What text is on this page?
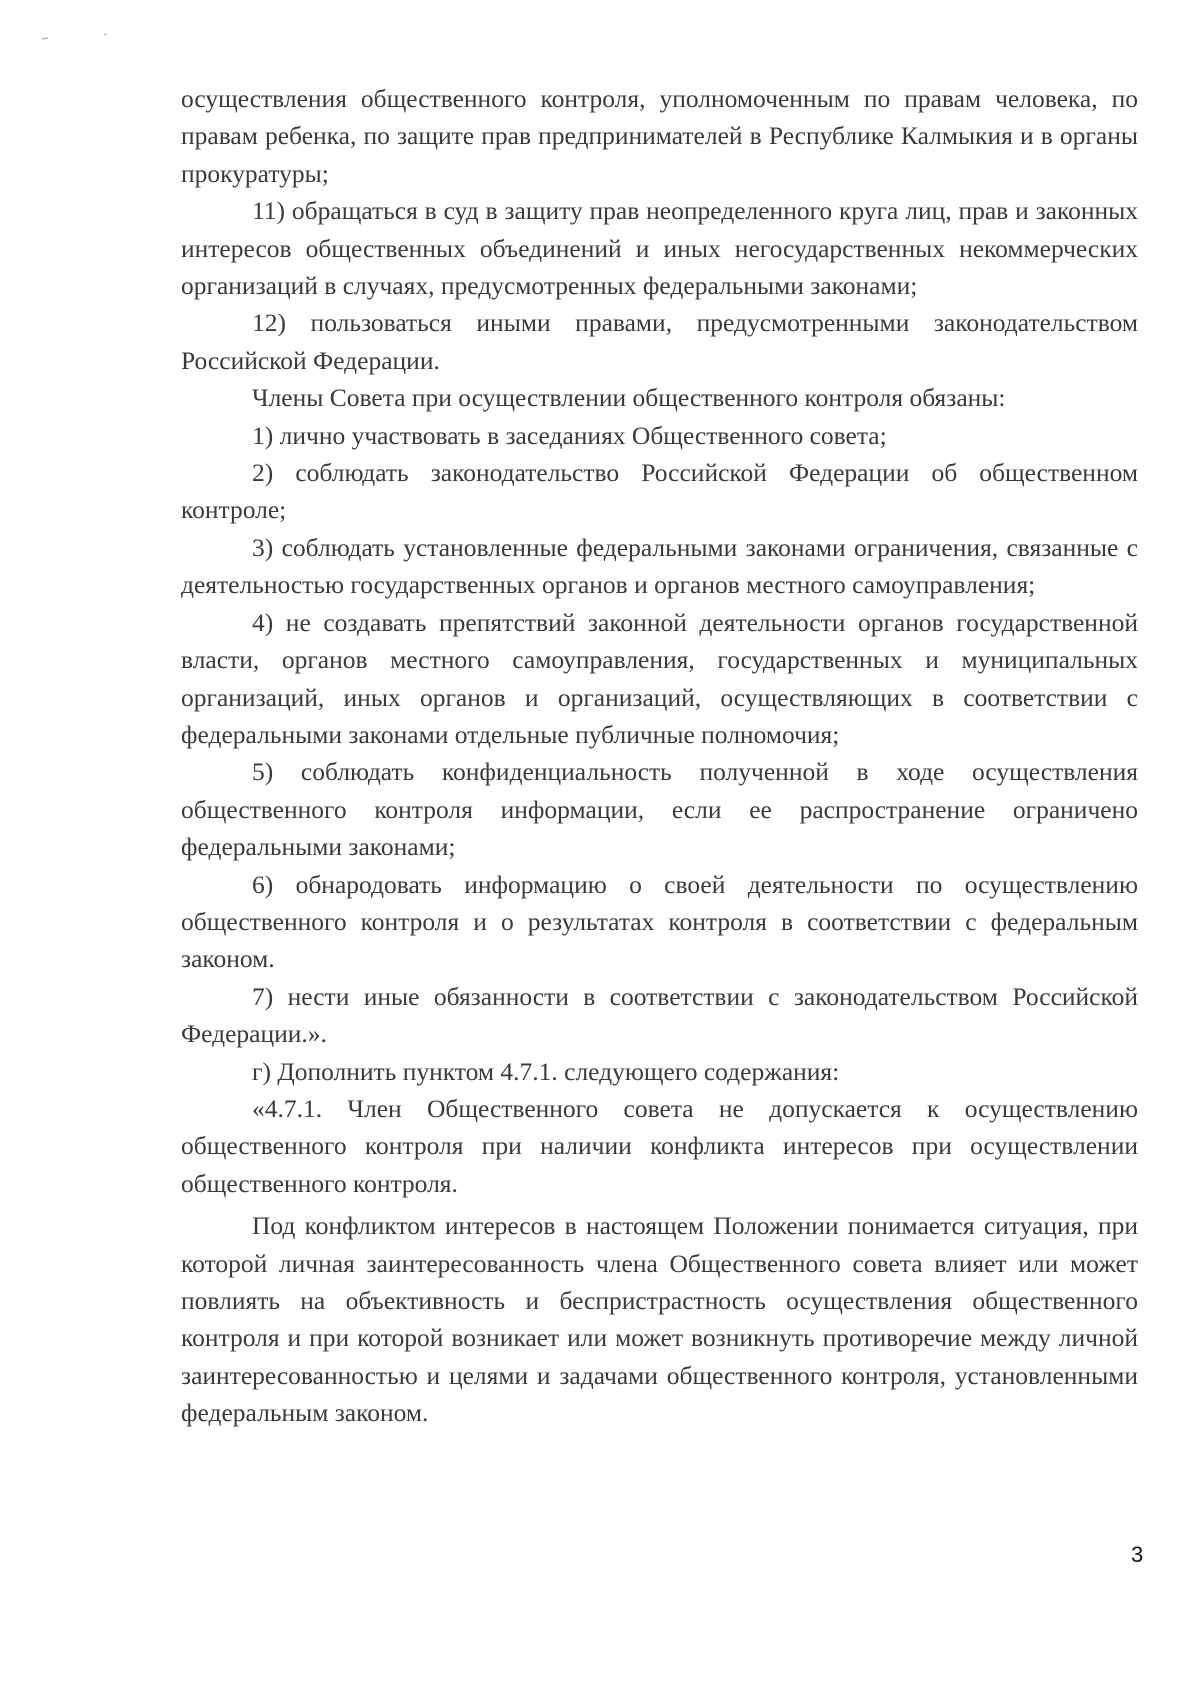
осуществления общественного контроля, уполномоченным по правам человека, по правам ребенка, по защите прав предпринимателей в Республике Калмыкия и в органы прокуратуры;

11) обращаться в суд в защиту прав неопределенного круга лиц, прав и законных интересов общественных объединений и иных негосударственных некоммерческих организаций в случаях, предусмотренных федеральными законами;

12) пользоваться иными правами, предусмотренными законодательством Российской Федерации.

Члены Совета при осуществлении общественного контроля обязаны:

1) лично участвовать в заседаниях Общественного совета;

2) соблюдать законодательство Российской Федерации об общественном контроле;

3) соблюдать установленные федеральными законами ограничения, связанные с деятельностью государственных органов и органов местного самоуправления;

4) не создавать препятствий законной деятельности органов государственной власти, органов местного самоуправления, государственных и муниципальных организаций, иных органов и организаций, осуществляющих в соответствии с федеральными законами отдельные публичные полномочия;

5) соблюдать конфиденциальность полученной в ходе осуществления общественного контроля информации, если ее распространение ограничено федеральными законами;

6) обнародовать информацию о своей деятельности по осуществлению общественного контроля и о результатах контроля в соответствии с федеральным законом.

7) нести иные обязанности в соответствии с законодательством Российской Федерации.».

г) Дополнить пунктом 4.7.1. следующего содержания:

«4.7.1. Член Общественного совета не допускается к осуществлению общественного контроля при наличии конфликта интересов при осуществлении общественного контроля.

Под конфликтом интересов в настоящем Положении понимается ситуация, при которой личная заинтересованность члена Общественного совета влияет или может повлиять на объективность и беспристрастность осуществления общественного контроля и при которой возникает или может возникнуть противоречие между личной заинтересованностью и целями и задачами общественного контроля, установленными федеральным законом.

3
